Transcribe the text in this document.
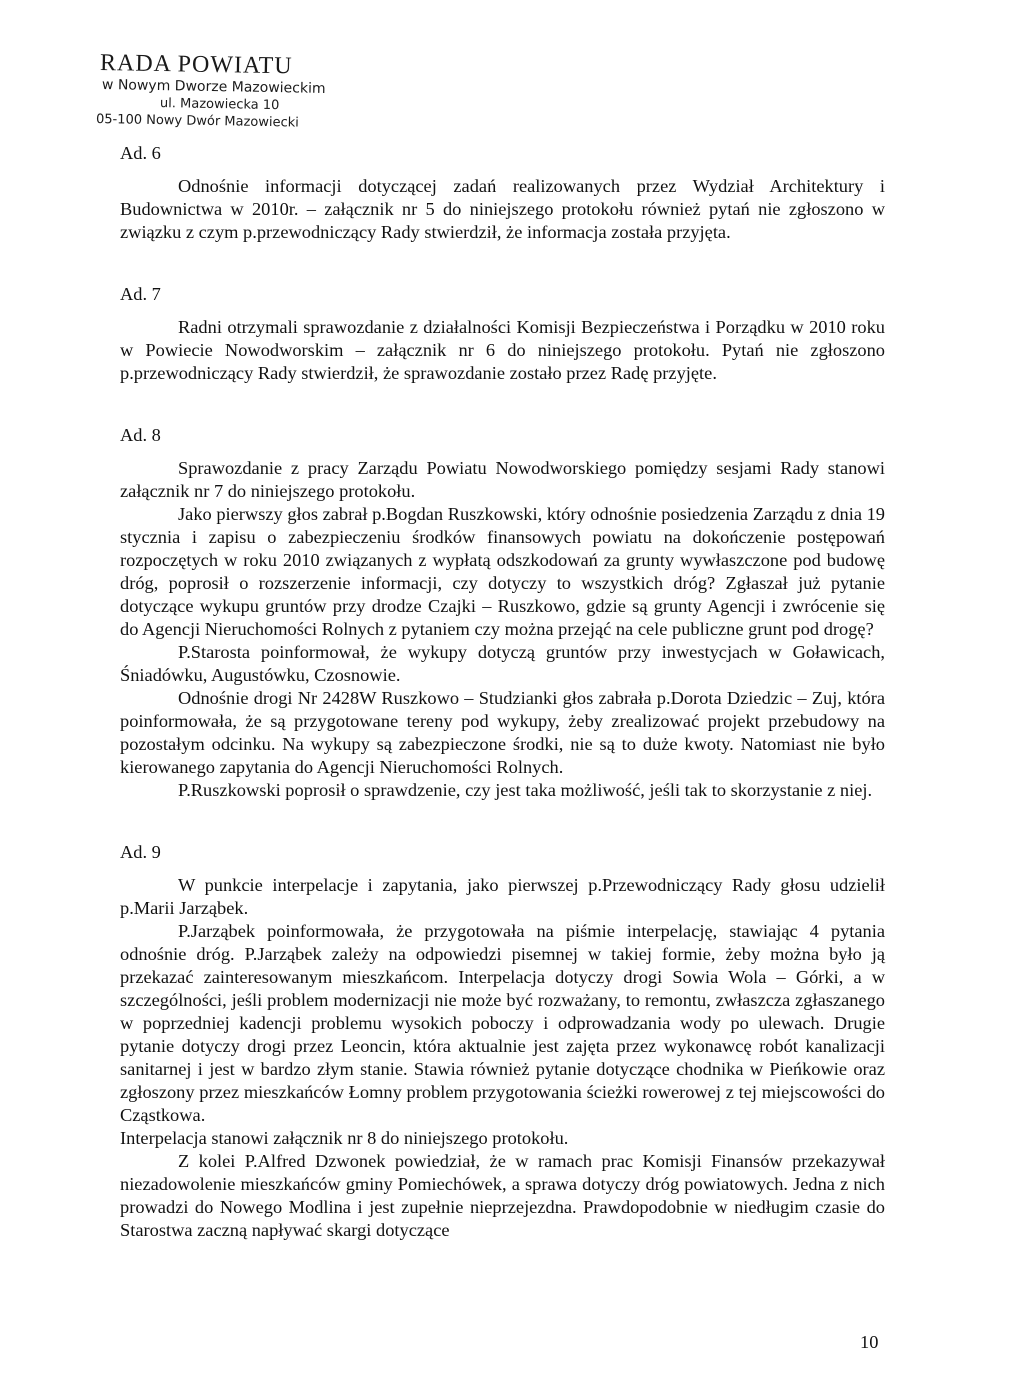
RADA POWIATU
w Nowym Dworze Mazowieckim
ul. Mazowiecka 10
05-100 Nowy Dwór Mazowiecki
Ad. 6

Odnośnie informacji dotyczącej zadań realizowanych przez Wydział Architektury i Budownictwa w 2010r. – załącznik nr 5 do niniejszego protokołu również pytań nie zgłoszono w związku z czym p.przewodniczący Rady stwierdził, że informacja została przyjęta.

Ad. 7

Radni otrzymali sprawozdanie z działalności Komisji Bezpieczeństwa i Porządku w 2010 roku w Powiecie Nowodworskim – załącznik nr 6 do niniejszego protokołu. Pytań nie zgłoszono p.przewodniczący Rady stwierdził, że sprawozdanie zostało przez Radę przyjęte.

Ad. 8

Sprawozdanie z pracy Zarządu Powiatu Nowodworskiego pomiędzy sesjami Rady stanowi załącznik nr 7 do niniejszego protokołu.

Jako pierwszy głos zabrał p.Bogdan Ruszkowski, który odnośnie posiedzenia Zarządu z dnia 19 stycznia i zapisu o zabezpieczeniu środków finansowych powiatu na dokończenie postępowań rozpoczętych w roku 2010 związanych z wypłatą odszkodowań za grunty wywłaszczone pod budowę dróg, poprosił o rozszerzenie informacji, czy dotyczy to wszystkich dróg? Zgłaszał już pytanie dotyczące wykupu gruntów przy drodze Czajki – Ruszkowo, gdzie są grunty Agencji i zwrócenie się do Agencji Nieruchomości Rolnych z pytaniem czy można przejąć na cele publiczne grunt pod drogę?

P.Starosta poinformował, że wykupy dotyczą gruntów przy inwestycjach w Goławicach, Śniadówku, Augustówku, Czosnowie.

Odnośnie drogi Nr 2428W Ruszkowo – Studzianki głos zabrała p.Dorota Dziedzic – Zuj, która poinformowała, że są przygotowane tereny pod wykupy, żeby zrealizować projekt przebudowy na pozostałym odcinku. Na wykupy są zabezpieczone środki, nie są to duże kwoty. Natomiast nie było kierowanego zapytania do Agencji Nieruchomości Rolnych.

P.Ruszkowski poprosił o sprawdzenie, czy jest taka możliwość, jeśli tak to skorzystanie z niej.

Ad. 9

W punkcie interpelacje i zapytania, jako pierwszej p.Przewodniczący Rady głosu udzielił p.Marii Jarząbek.

P.Jarząbek poinformowała, że przygotowała na piśmie interpelację, stawiając 4 pytania odnośnie dróg. P.Jarząbek zależy na odpowiedzi pisemnej w takiej formie, żeby można było ją przekazać zainteresowanym mieszkańcom. Interpelacja dotyczy drogi Sowia Wola – Górki, a w szczególności, jeśli problem modernizacji nie może być rozważany, to remontu, zwłaszcza zgłaszanego w poprzedniej kadencji problemu wysokich poboczy i odprowadzania wody po ulewach. Drugie pytanie dotyczy drogi przez Leoncin, która aktualnie jest zajęta przez wykonawcę robót kanalizacji sanitarnej i jest w bardzo złym stanie. Stawia również pytanie dotyczące chodnika w Pieńkowie oraz zgłoszony przez mieszkańców Łomny problem przygotowania ścieżki rowerowej z tej miejscowości do Cząstkowa.

Interpelacja stanowi załącznik nr 8 do niniejszego protokołu.

Z kolei P.Alfred Dzwonek powiedział, że w ramach prac Komisji Finansów przekazywał niezadowolenie mieszkańców gminy Pomiechówek, a sprawa dotyczy dróg powiatowych. Jedna z nich prowadzi do Nowego Modlina i jest zupełnie nieprzejezdna. Prawdopodobnie w niedługim czasie do Starostwa zaczną napływać skargi dotyczące

10
